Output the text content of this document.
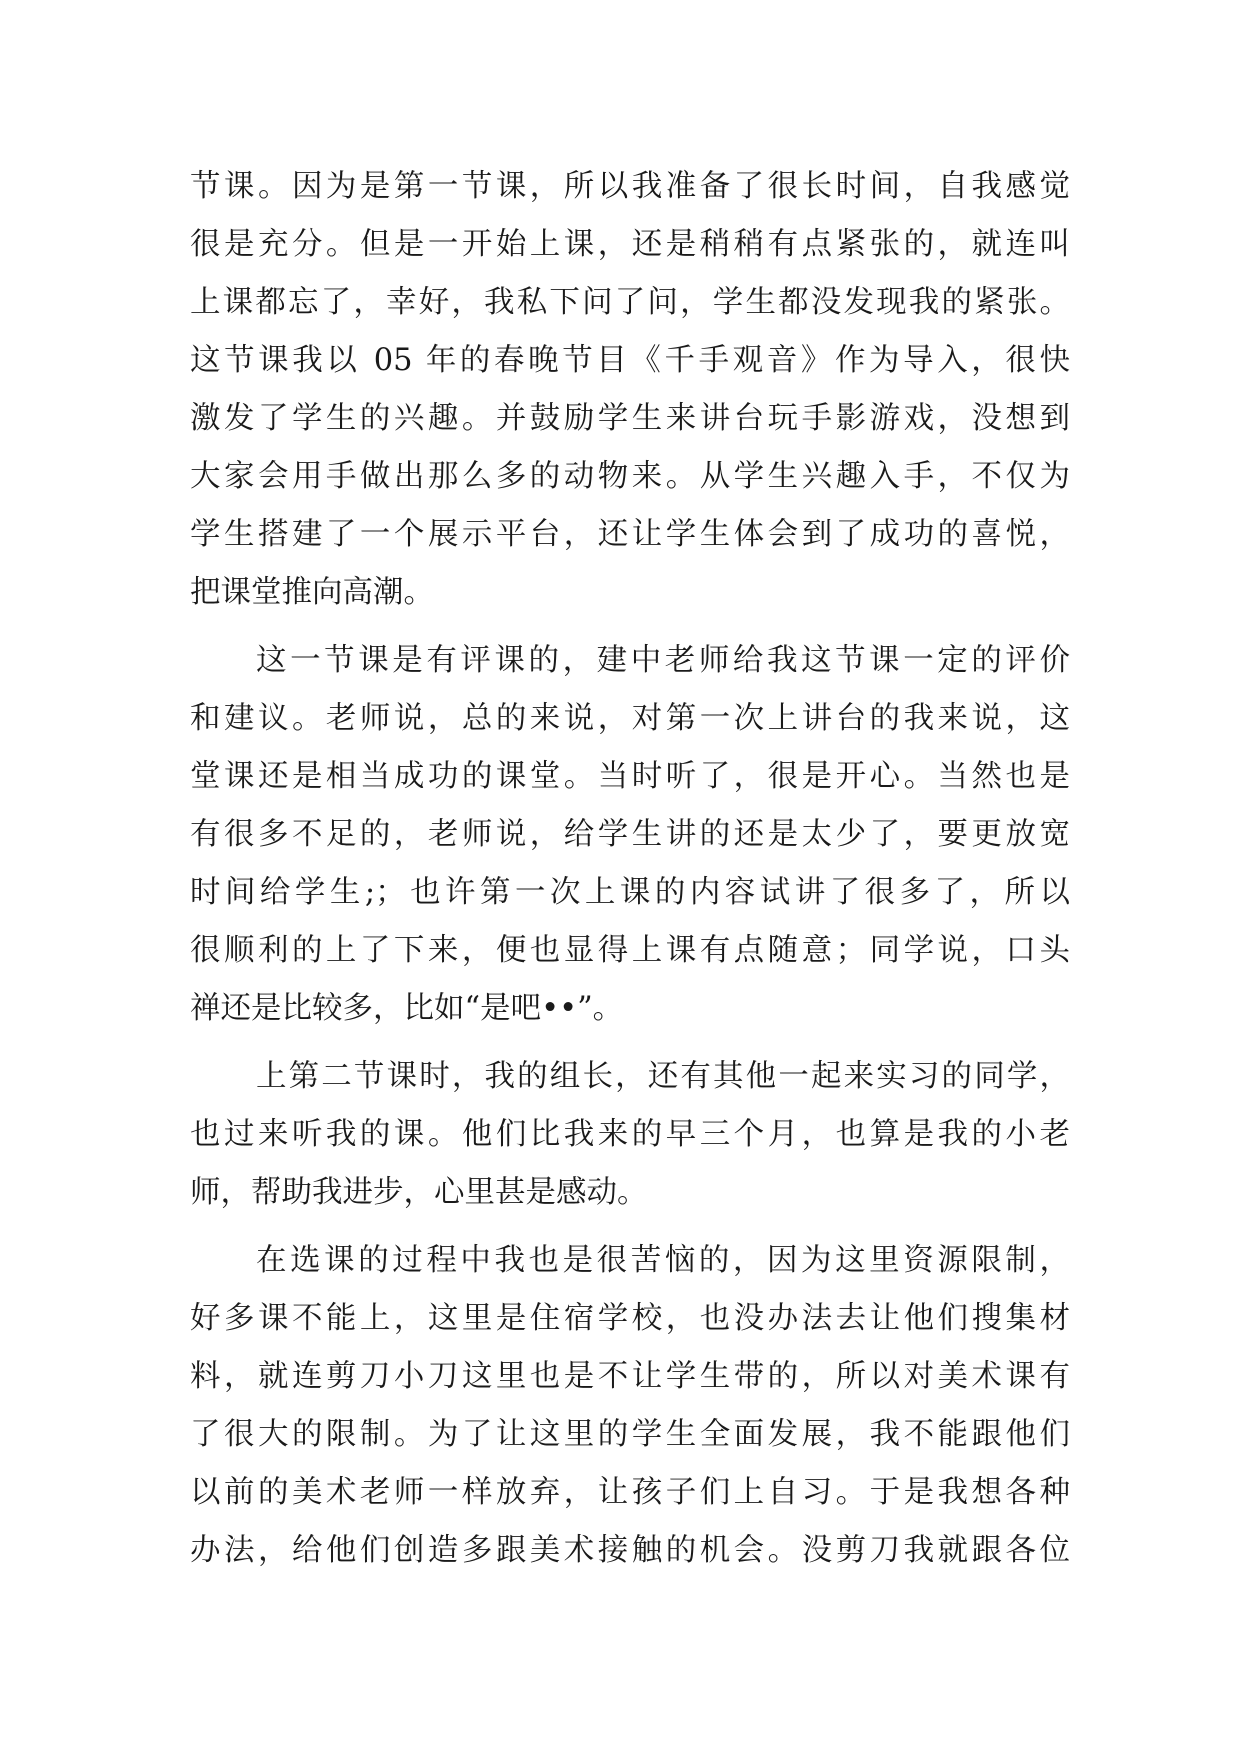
节课。因为是第一节课，所以我准备了很长时间，自我感觉
很是充分。但是一开始上课，还是稍稍有点紧张的，就连叫
上课都忘了，幸好，我私下问了问，学生都没发现我的紧张。
这节课我以 05 年的春晚节目《千手观音》作为导入，很快
激发了学生的兴趣。并鼓励学生来讲台玩手影游戏，没想到
大家会用手做出那么多的动物来。从学生兴趣入手，不仅为
学生搭建了一个展示平台，还让学生体会到了成功的喜悦，
把课堂推向高潮。
这一节课是有评课的，建中老师给我这节课一定的评价
和建议。老师说，总的来说，对第一次上讲台的我来说，这
堂课还是相当成功的课堂。当时听了，很是开心。当然也是
有很多不足的，老师说，给学生讲的还是太少了，要更放宽
时间给学生;；也许第一次上课的内容试讲了很多了，所以
很顺利的上了下来，便也显得上课有点随意；同学说，口头
禅还是比较多，比如“是吧••”。
上第二节课时，我的组长，还有其他一起来实习的同学，
也过来听我的课。他们比我来的早三个月，也算是我的小老
师，帮助我进步，心里甚是感动。
在选课的过程中我也是很苦恼的，因为这里资源限制，
好多课不能上，这里是住宿学校，也没办法去让他们搜集材
料，就连剪刀小刀这里也是不让学生带的，所以对美术课有
了很大的限制。为了让这里的学生全面发展，我不能跟他们
以前的美术老师一样放弃，让孩子们上自习。于是我想各种
办法，给他们创造多跟美术接触的机会。没剪刀我就跟各位
